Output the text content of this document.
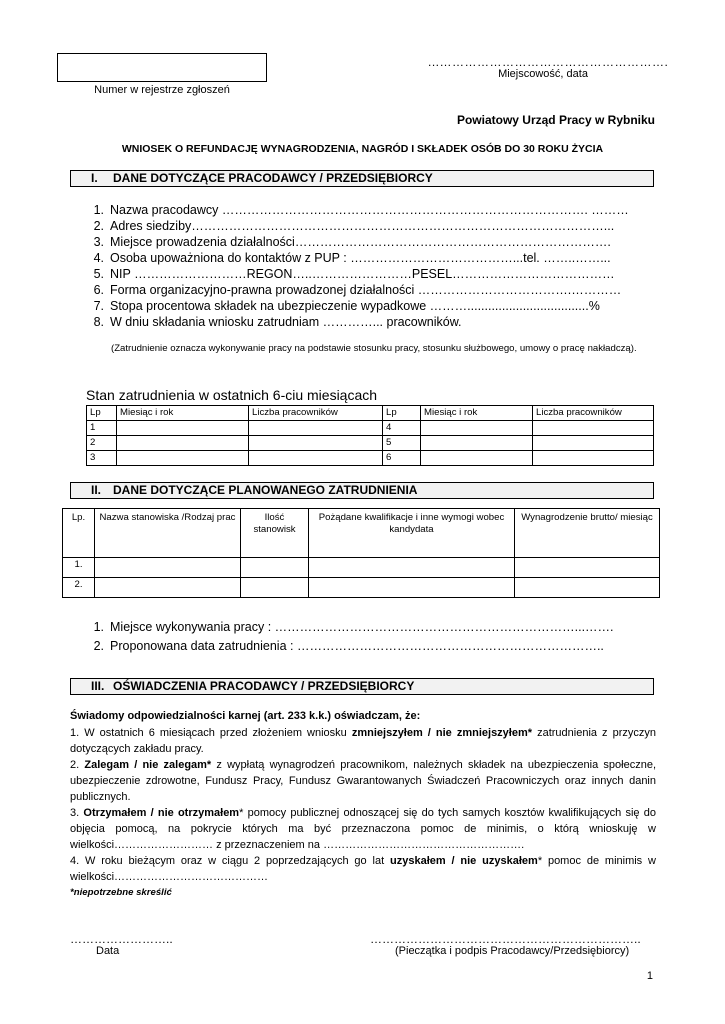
Numer w rejestrze zgłoszeń
...……………………………………………….
Miejscowość, data
Powiatowy Urząd Pracy w Rybniku
WNIOSEK O REFUNDACJĘ WYNAGRODZENIA, NAGRÓD I SKŁADEK OSÓB DO 30 ROKU ŻYCIA
I. DANE DOTYCZĄCE PRACODAWCY / PRZEDSIĘBIORCY
1. Nazwa pracodawcy ……………………………………………………………………………. ………
2. Adres siedziby………………………………………………………………………………………...
3. Miejsce prowadzenia działalności………………………………………………………………….
4. Osoba upoważniona do kontaktów z PUP : …………………………………...tel. ……..……...
5. NIP ………………………REGON…..……………………PESEL…………………………………
6. Forma organizacyjno-prawna prowadzonej działalności ……………………………….…………
7. Stopa procentowa składek na ubezpieczenie wypadkowe ………...................................%
8. W dniu składania wniosku zatrudniam …………... pracowników.
(Zatrudnienie oznacza wykonywanie pracy na podstawie stosunku pracy, stosunku służbowego, umowy o pracę nakładczą).
Stan zatrudnienia w ostatnich 6-ciu miesiącach
Lp	Miesiąc i rok	Liczba pracowników	Lp	Miesiąc i rok	Liczba pracowników
1			4		
2			5		
3			6		
II. DANE DOTYCZĄCE PLANOWANEGO ZATRUDNIENIA
Lp.	Nazwa stanowiska /Rodzaj prac	Ilość stanowisk	Pożądane kwalifikacje i inne wymogi wobec kandydata	Wynagrodzenie brutto/ miesiąc
1.				
2.				
1. Miejsce wykonywania pracy : ………………………………………………………………...…….
2. Proponowana data zatrudnienia : ………………………………………………………………..
III. OŚWIADCZENIA PRACODAWCY / PRZEDSIĘBIORCY

Świadomy odpowiedzialności karnej (art. 233 k.k.) oświadczam, że:

1. W ostatnich 6 miesiącach przed złożeniem wniosku zmniejszyłem / nie zmniejszyłem* zatrudnienia z przyczyn dotyczących zakładu pracy.

2. Zalegam / nie zalegam* z wypłatą wynagrodzeń pracownikom, należnych składek na ubezpieczenia społeczne, ubezpieczenie zdrowotne, Fundusz Pracy, Fundusz Gwarantowanych Świadczeń Pracowniczych oraz innych danin publicznych.

3. Otrzymałem / nie otrzymałem* pomocy publicznej odnoszącej się do tych samych kosztów kwalifikujących się do objęcia pomocą, na pokrycie których ma być przeznaczona pomoc de minimis, o którą wnioskuję w wielkości……………………… z przeznaczeniem na ……………………………………………….

4. W roku bieżącym oraz w ciągu 2 poprzedzających go lat uzyskałem / nie uzyskałem* pomoc de minimis w wielkości……………………………………

*niepotrzebne skreślić

……………………..
Data
…………………………………………………………..
(Pieczątka i podpis Pracodawcy/Przedsiębiorcy)
1
